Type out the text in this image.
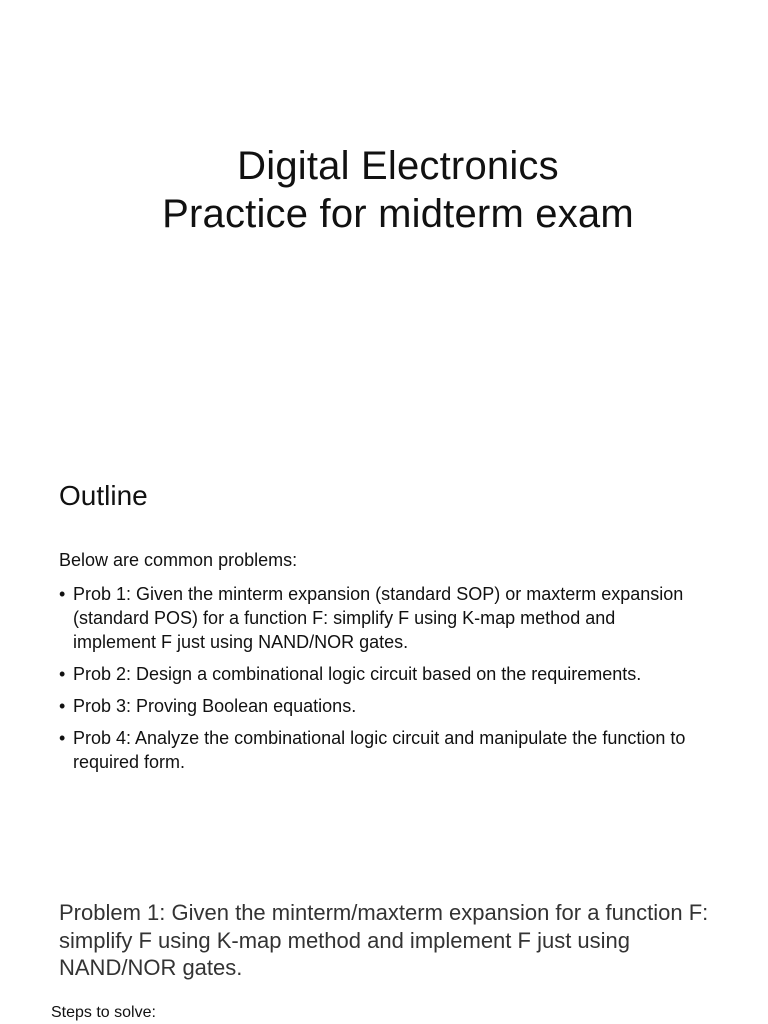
Digital Electronics
Practice for midterm exam
Outline

Below are common problems:

• Prob 1: Given the minterm expansion (standard SOP) or maxterm expansion (standard POS) for a function F: simplify F using K-map method and implement F just using NAND/NOR gates.
• Prob 2: Design a combinational logic circuit based on the requirements.
• Prob 3: Proving Boolean equations.
• Prob 4: Analyze the combinational logic circuit and manipulate the function to required form.
Problem 1: Given the minterm/maxterm expansion for a function F: simplify F using K-map method and implement F just using NAND/NOR gates.

Steps to solve:
